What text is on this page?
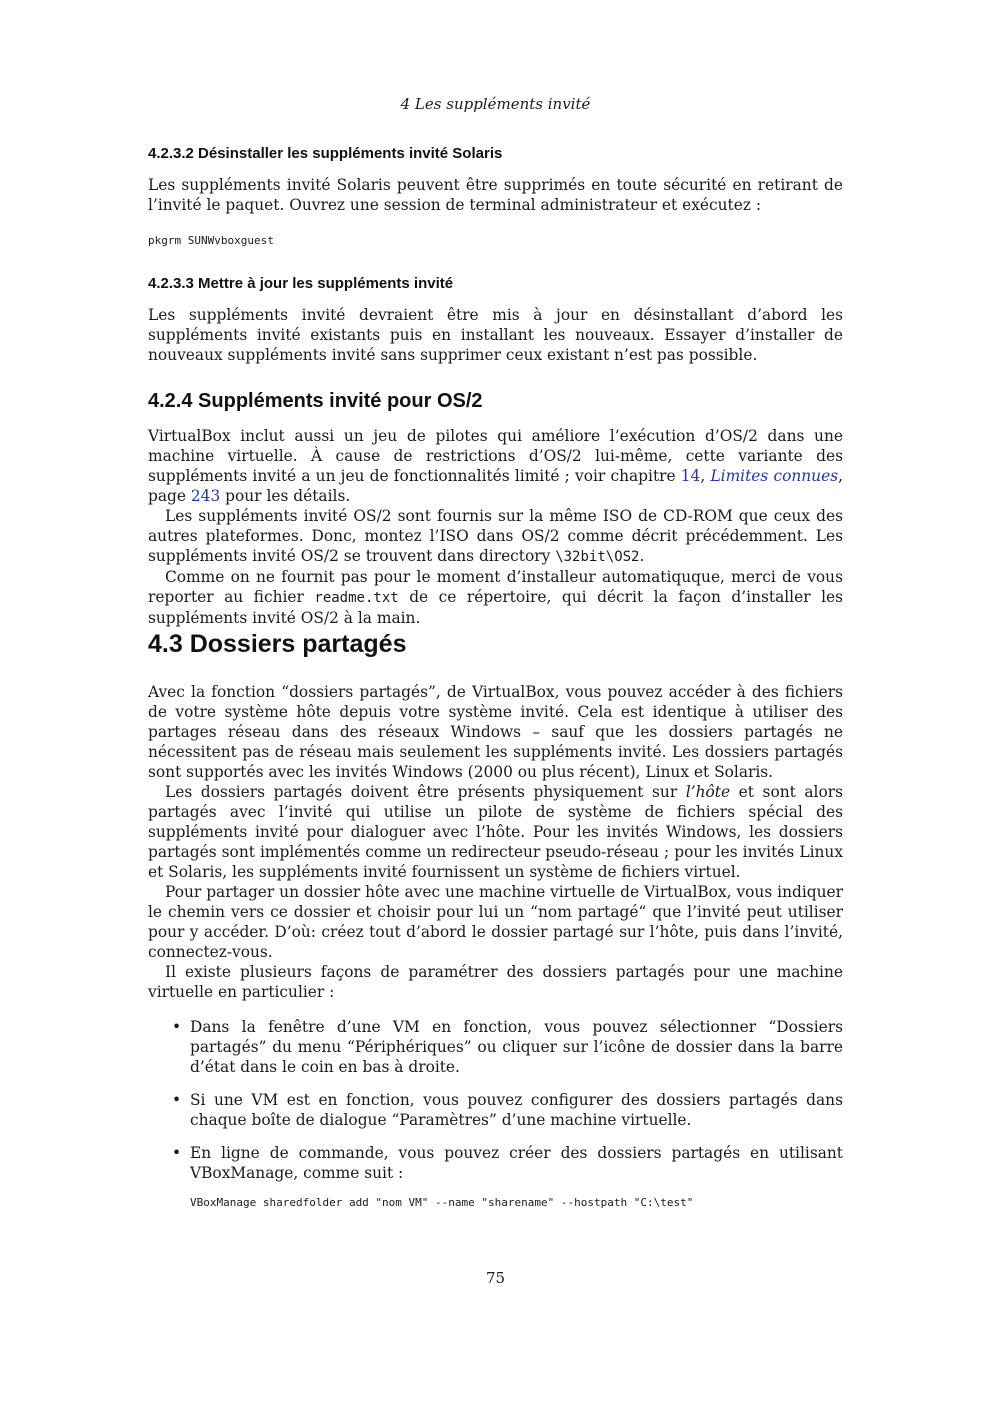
4 Les suppléments invité
4.2.3.2 Désinstaller les suppléments invité Solaris

Les suppléments invité Solaris peuvent être supprimés en toute sécurité en retirant de l’invité le paquet. Ouvrez une session de terminal administrateur et exécutez :

pkgrm SUNWvboxguest
4.2.3.3 Mettre à jour les suppléments invité

Les suppléments invité devraient être mis à jour en désinstallant d’abord les suppléments invité existants puis en installant les nouveaux. Essayer d’installer de nouveaux suppléments invité sans supprimer ceux existant n’est pas possible.

4.2.4 Suppléments invité pour OS/2

VirtualBox inclut aussi un jeu de pilotes qui améliore l’exécution d’OS/2 dans une machine virtuelle. À cause de restrictions d’OS/2 lui-même, cette variante des suppléments invité a un jeu de fonctionnalités limité ; voir chapitre 14, Limites connues, page 243 pour les détails.

Les suppléments invité OS/2 sont fournis sur la même ISO de CD-ROM que ceux des autres plateformes. Donc, montez l’ISO dans OS/2 comme décrit précédemment. Les suppléments invité OS/2 se trouvent dans directory \32bit\OS2.

Comme on ne fournit pas pour le moment d’installeur automatiquque, merci de vous reporter au fichier readme.txt de ce répertoire, qui décrit la façon d’installer les suppléments invité OS/2 à la main.

4.3 Dossiers partagés

Avec la fonction “dossiers partagés”, de VirtualBox, vous pouvez accéder à des fichiers de votre système hôte depuis votre système invité. Cela est identique à utiliser des partages réseau dans des réseaux Windows – sauf que les dossiers partagés ne nécessitent pas de réseau mais seulement les suppléments invité. Les dossiers partagés sont supportés avec les invités Windows (2000 ou plus récent), Linux et Solaris.

Les dossiers partagés doivent être présents physiquement sur l’hôte et sont alors partagés avec l’invité qui utilise un pilote de système de fichiers spécial des suppléments invité pour dialoguer avec l’hôte. Pour les invités Windows, les dossiers partagés sont implémentés comme un redirecteur pseudo-réseau ; pour les invités Linux et Solaris, les suppléments invité fournissent un système de fichiers virtuel.

Pour partager un dossier hôte avec une machine virtuelle de VirtualBox, vous indiquer le chemin vers ce dossier et choisir pour lui un “nom partagé“ que l’invité peut utiliser pour y accéder. D’où: créez tout d’abord le dossier partagé sur l’hôte, puis dans l’invité, connectez-vous.

Il existe plusieurs façons de paramétrer des dossiers partagés pour une machine virtuelle en particulier :

• Dans la fenêtre d’une VM en fonction, vous pouvez sélectionner “Dossiers partagés” du menu “Périphériques” ou cliquer sur l’icône de dossier dans la barre d’état dans le coin en bas à droite.
• Si une VM est en fonction, vous pouvez configurer des dossiers partagés dans chaque boîte de dialogue “Paramètres” d’une machine virtuelle.
• En ligne de commande, vous pouvez créer des dossiers partagés en utilisant VBoxManage, comme suit :
VBoxManage sharedfolder add "nom VM" --name "sharename" --hostpath "C:\test"
75
